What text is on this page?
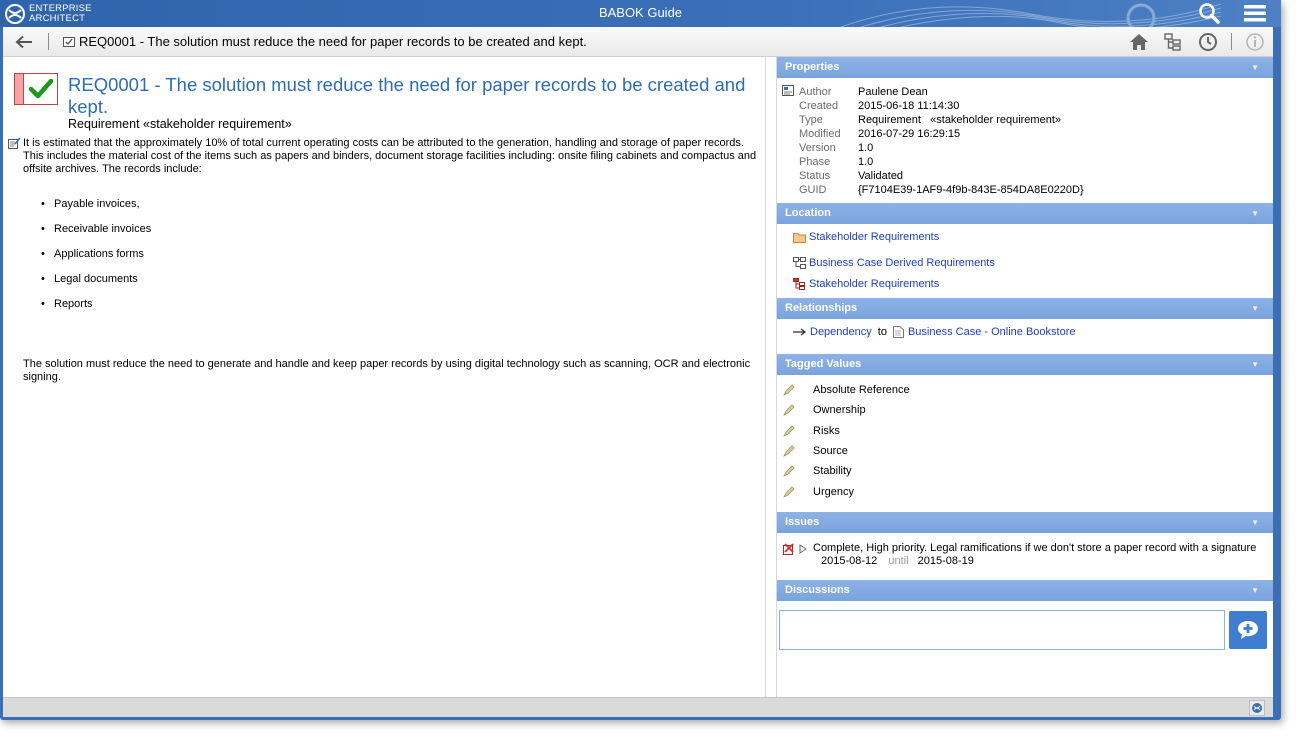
ENTERPRISE
ARCHITECT	BABOK Guide
REQ0001 - The solution must reduce the need for paper records to be created and kept.
REQ0001 - The solution must reduce the need for paper records to be created and kept.
Requirement «stakeholder requirement»
It is estimated that the approximately 10% of total current operating costs can be attributed to the generation, handling and storage of paper records. This includes the material cost of the items such as papers and binders, document storage facilities including: onsite filing cabinets and compactus and offsite archives. The records include:
• Payable invoices,
• Receivable invoices
• Applications forms
• Legal documents
• Reports
The solution must reduce the need to generate and handle and keep paper records by using digital technology such as scanning, OCR and electronic signing.
Properties	▼
Author Paulene Dean
Created 2015-06-18 11:14:30
Type	Requirement   «stakeholder requirement»
Modified 2016-07-29 16:29:15
Version 1.0
Phase	1.0
Status	Validated
GUID	{F7104E39-1AF9-4f9b-843E-854DA8E0220D}
Location	▼
Stakeholder Requirements
Business Case Derived Requirements
Stakeholder Requirements
Relationships	▼
Dependency to Business Case - Online Bookstore
Tagged Values	▼
Absolute Reference
Ownership
Risks
Source
Stability
Urgency
Issues	▼
Complete, High priority. Legal ramifications if we don't store a paper record with a signature
2015-08-12 until 2015-08-19
Discussions	▼
